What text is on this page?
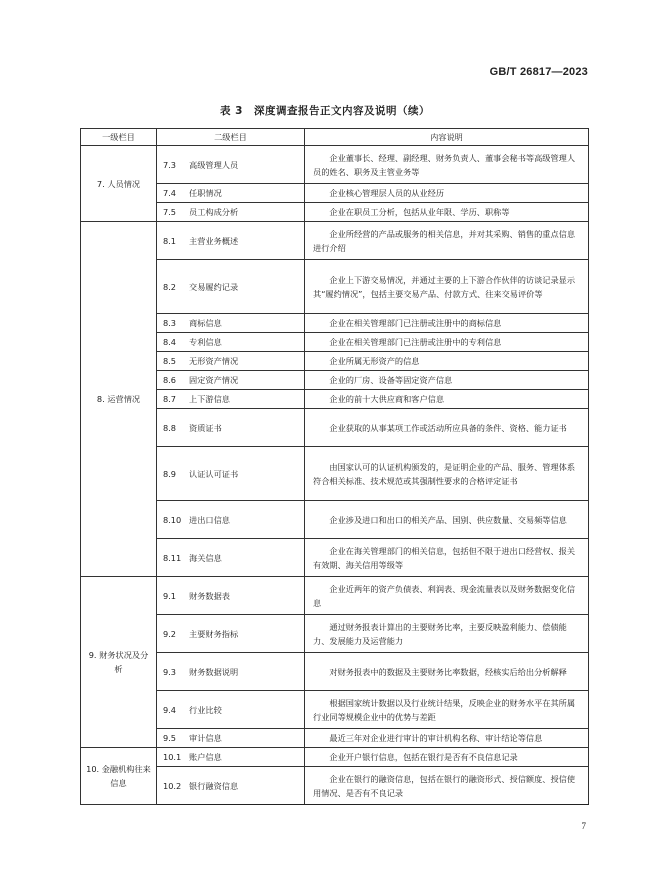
GB/T 26817—2023
表 3　深度调查报告正文内容及说明（续）
一级栏目	二级栏目	内容说明
7. 人员情况	7.3 高级管理人员	企业董事长、经理、副经理、财务负责人、董事会秘书等高级管理人员的姓名、职务及主管业务等
	7.4 任职情况	企业核心管理层人员的从业经历
	7.5 员工构成分析	企业在职员工分析，包括从业年限、学历、职称等
8. 运营情况	8.1 主营业务概述	企业所经营的产品或服务的相关信息，并对其采购、销售的重点信息进行介绍
	8.2 交易履约记录	企业上下游交易情况，并通过主要的上下游合作伙伴的访谈记录显示其“履约情况”，包括主要交易产品、付款方式、往来交易评价等
	8.3 商标信息	企业在相关管理部门已注册或注册中的商标信息
	8.4 专利信息	企业在相关管理部门已注册或注册中的专利信息
	8.5 无形资产情况	企业所属无形资产的信息
	8.6 固定资产情况	企业的厂房、设备等固定资产信息
	8.7 上下游信息	企业的前十大供应商和客户信息
	8.8 资质证书	企业获取的从事某项工作或活动所应具备的条件、资格、能力证书
	8.9 认证认可证书	由国家认可的认证机构颁发的，是证明企业的产品、服务、管理体系符合相关标准、技术规范或其强制性要求的合格评定证书
	8.10 进出口信息	企业涉及进口和出口的相关产品、国别、供应数量、交易频等信息
	8.11 海关信息	企业在海关管理部门的相关信息，包括但不限于进出口经营权、报关有效期、海关信用等级等
9. 财务状况及分析	9.1 财务数据表	企业近两年的资产负债表、利润表、现金流量表以及财务数据变化信息
	9.2 主要财务指标	通过财务报表计算出的主要财务比率，主要反映盈利能力、偿债能力、发展能力及运营能力
	9.3 财务数据说明	对财务报表中的数据及主要财务比率数据，经核实后给出分析解释
	9.4 行业比较	根据国家统计数据以及行业统计结果，反映企业的财务水平在其所属行业同等规模企业中的优势与差距
	9.5 审计信息	最近三年对企业进行审计的审计机构名称、审计结论等信息
10. 金融机构往来信息	10.1 账户信息	企业开户银行信息，包括在银行是否有不良信息记录
	10.2 银行融资信息	企业在银行的融资信息，包括在银行的融资形式、授信额度、授信使用情况、是否有不良记录
7
